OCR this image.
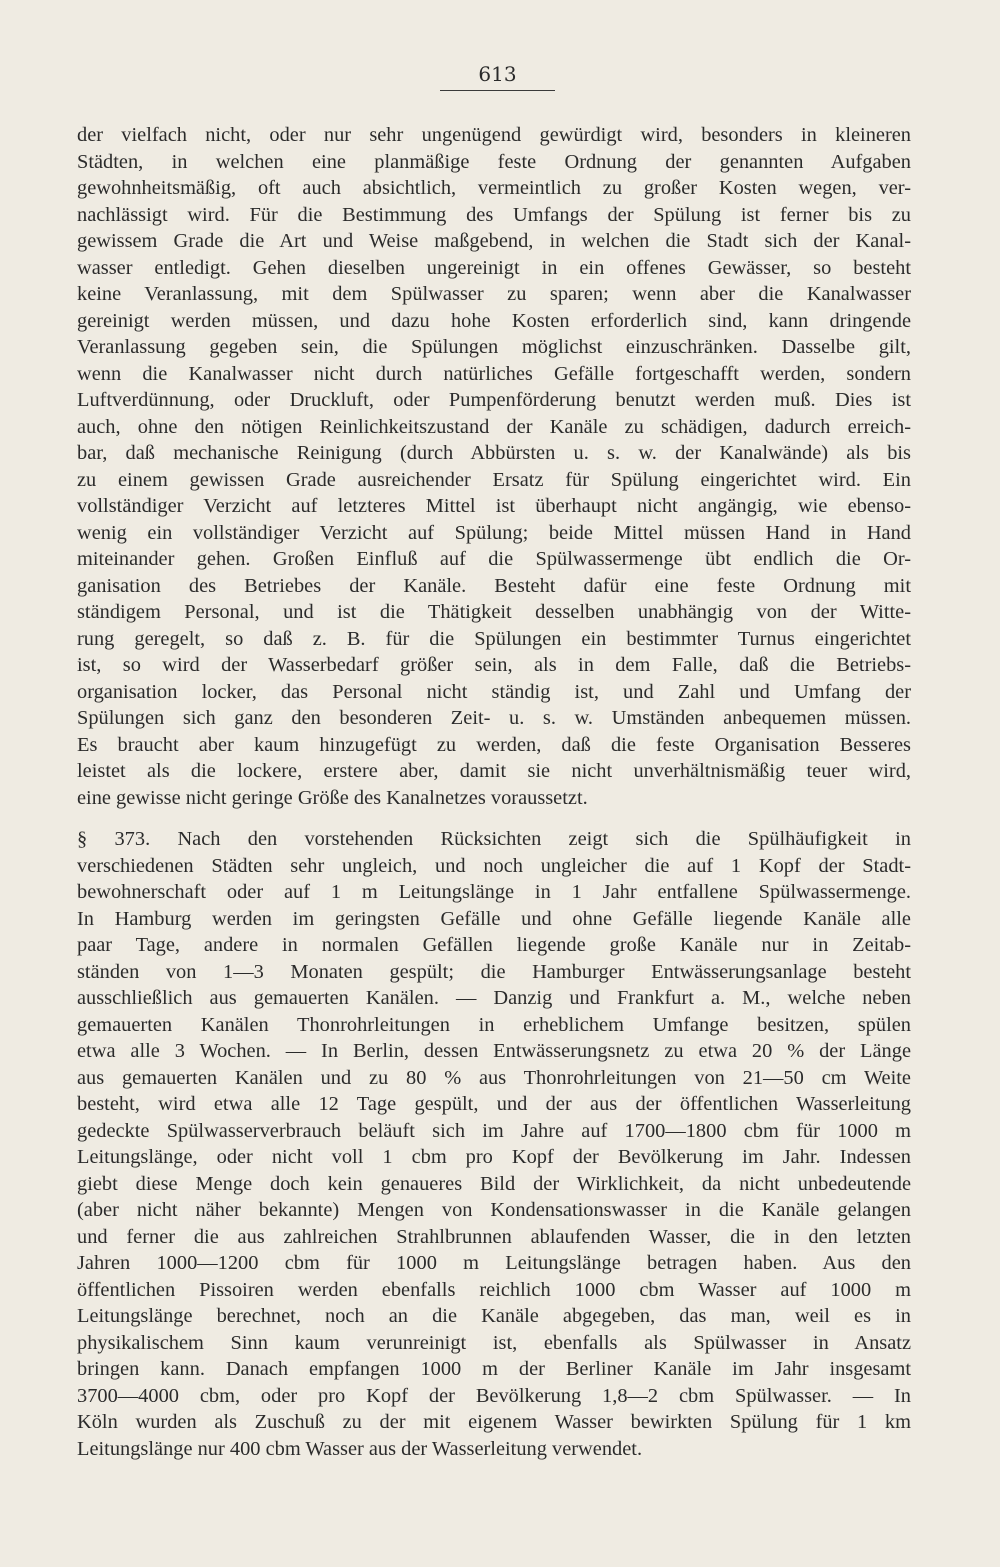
613
der vielfach nicht, oder nur sehr ungenügend gewürdigt wird, besonders in kleineren
Städten, in welchen eine planmäßige feste Ordnung der genannten Aufgaben
gewohnheitsmäßig, oft auch absichtlich, vermeintlich zu großer Kosten wegen, ver-
nachlässigt wird. Für die Bestimmung des Umfangs der Spülung ist ferner bis zu
gewissem Grade die Art und Weise maßgebend, in welchen die Stadt sich der Kanal-
wasser entledigt. Gehen dieselben ungereinigt in ein offenes Gewässer, so besteht
keine Veranlassung, mit dem Spülwasser zu sparen; wenn aber die Kanalwasser
gereinigt werden müssen, und dazu hohe Kosten erforderlich sind, kann dringende
Veranlassung gegeben sein, die Spülungen möglichst einzuschränken. Dasselbe gilt,
wenn die Kanalwasser nicht durch natürliches Gefälle fortgeschafft werden, sondern
Luftverdünnung, oder Druckluft, oder Pumpenförderung benutzt werden muß. Dies ist
auch, ohne den nötigen Reinlichkeitszustand der Kanäle zu schädigen, dadurch erreich-
bar, daß mechanische Reinigung (durch Abbürsten u. s. w. der Kanalwände) als bis
zu einem gewissen Grade ausreichender Ersatz für Spülung eingerichtet wird. Ein
vollständiger Verzicht auf letzteres Mittel ist überhaupt nicht angängig, wie ebenso-
wenig ein vollständiger Verzicht auf Spülung; beide Mittel müssen Hand in Hand
miteinander gehen. Großen Einfluß auf die Spülwassermenge übt endlich die Or-
ganisation des Betriebes der Kanäle. Besteht dafür eine feste Ordnung mit
ständigem Personal, und ist die Thätigkeit desselben unabhängig von der Witte-
rung geregelt, so daß z. B. für die Spülungen ein bestimmter Turnus eingerichtet
ist, so wird der Wasserbedarf größer sein, als in dem Falle, daß die Betriebs-
organisation locker, das Personal nicht ständig ist, und Zahl und Umfang der
Spülungen sich ganz den besonderen Zeit- u. s. w. Umständen anbequemen müssen.
Es braucht aber kaum hinzugefügt zu werden, daß die feste Organisation Besseres
leistet als die lockere, erstere aber, damit sie nicht unverhältnismäßig teuer wird,
eine gewisse nicht geringe Größe des Kanalnetzes voraussetzt.
§ 373. Nach den vorstehenden Rücksichten zeigt sich die Spülhäufigkeit in
verschiedenen Städten sehr ungleich, und noch ungleicher die auf 1 Kopf der Stadt-
bewohnerschaft oder auf 1 m Leitungslänge in 1 Jahr entfallene Spülwassermenge.
In Hamburg werden im geringsten Gefälle und ohne Gefälle liegende Kanäle alle
paar Tage, andere in normalen Gefällen liegende große Kanäle nur in Zeitab-
ständen von 1—3 Monaten gespült; die Hamburger Entwässerungsanlage besteht
ausschließlich aus gemauerten Kanälen. — Danzig und Frankfurt a. M., welche neben
gemauerten Kanälen Thonrohrleitungen in erheblichem Umfange besitzen, spülen
etwa alle 3 Wochen. — In Berlin, dessen Entwässerungsnetz zu etwa 20 % der Länge
aus gemauerten Kanälen und zu 80 % aus Thonrohrleitungen von 21—50 cm Weite
besteht, wird etwa alle 12 Tage gespült, und der aus der öffentlichen Wasserleitung
gedeckte Spülwasserverbrauch beläuft sich im Jahre auf 1700—1800 cbm für 1000 m
Leitungslänge, oder nicht voll 1 cbm pro Kopf der Bevölkerung im Jahr. Indessen
giebt diese Menge doch kein genaueres Bild der Wirklichkeit, da nicht unbedeutende
(aber nicht näher bekannte) Mengen von Kondensationswasser in die Kanäle gelangen
und ferner die aus zahlreichen Strahlbrunnen ablaufenden Wasser, die in den letzten
Jahren 1000—1200 cbm für 1000 m Leitungslänge betragen haben. Aus den
öffentlichen Pissoiren werden ebenfalls reichlich 1000 cbm Wasser auf 1000 m
Leitungslänge berechnet, noch an die Kanäle abgegeben, das man, weil es in
physikalischem Sinn kaum verunreinigt ist, ebenfalls als Spülwasser in Ansatz
bringen kann. Danach empfangen 1000 m der Berliner Kanäle im Jahr insgesamt
3700—4000 cbm, oder pro Kopf der Bevölkerung 1,8—2 cbm Spülwasser. — In
Köln wurden als Zuschuß zu der mit eigenem Wasser bewirkten Spülung für 1 km
Leitungslänge nur 400 cbm Wasser aus der Wasserleitung verwendet.
